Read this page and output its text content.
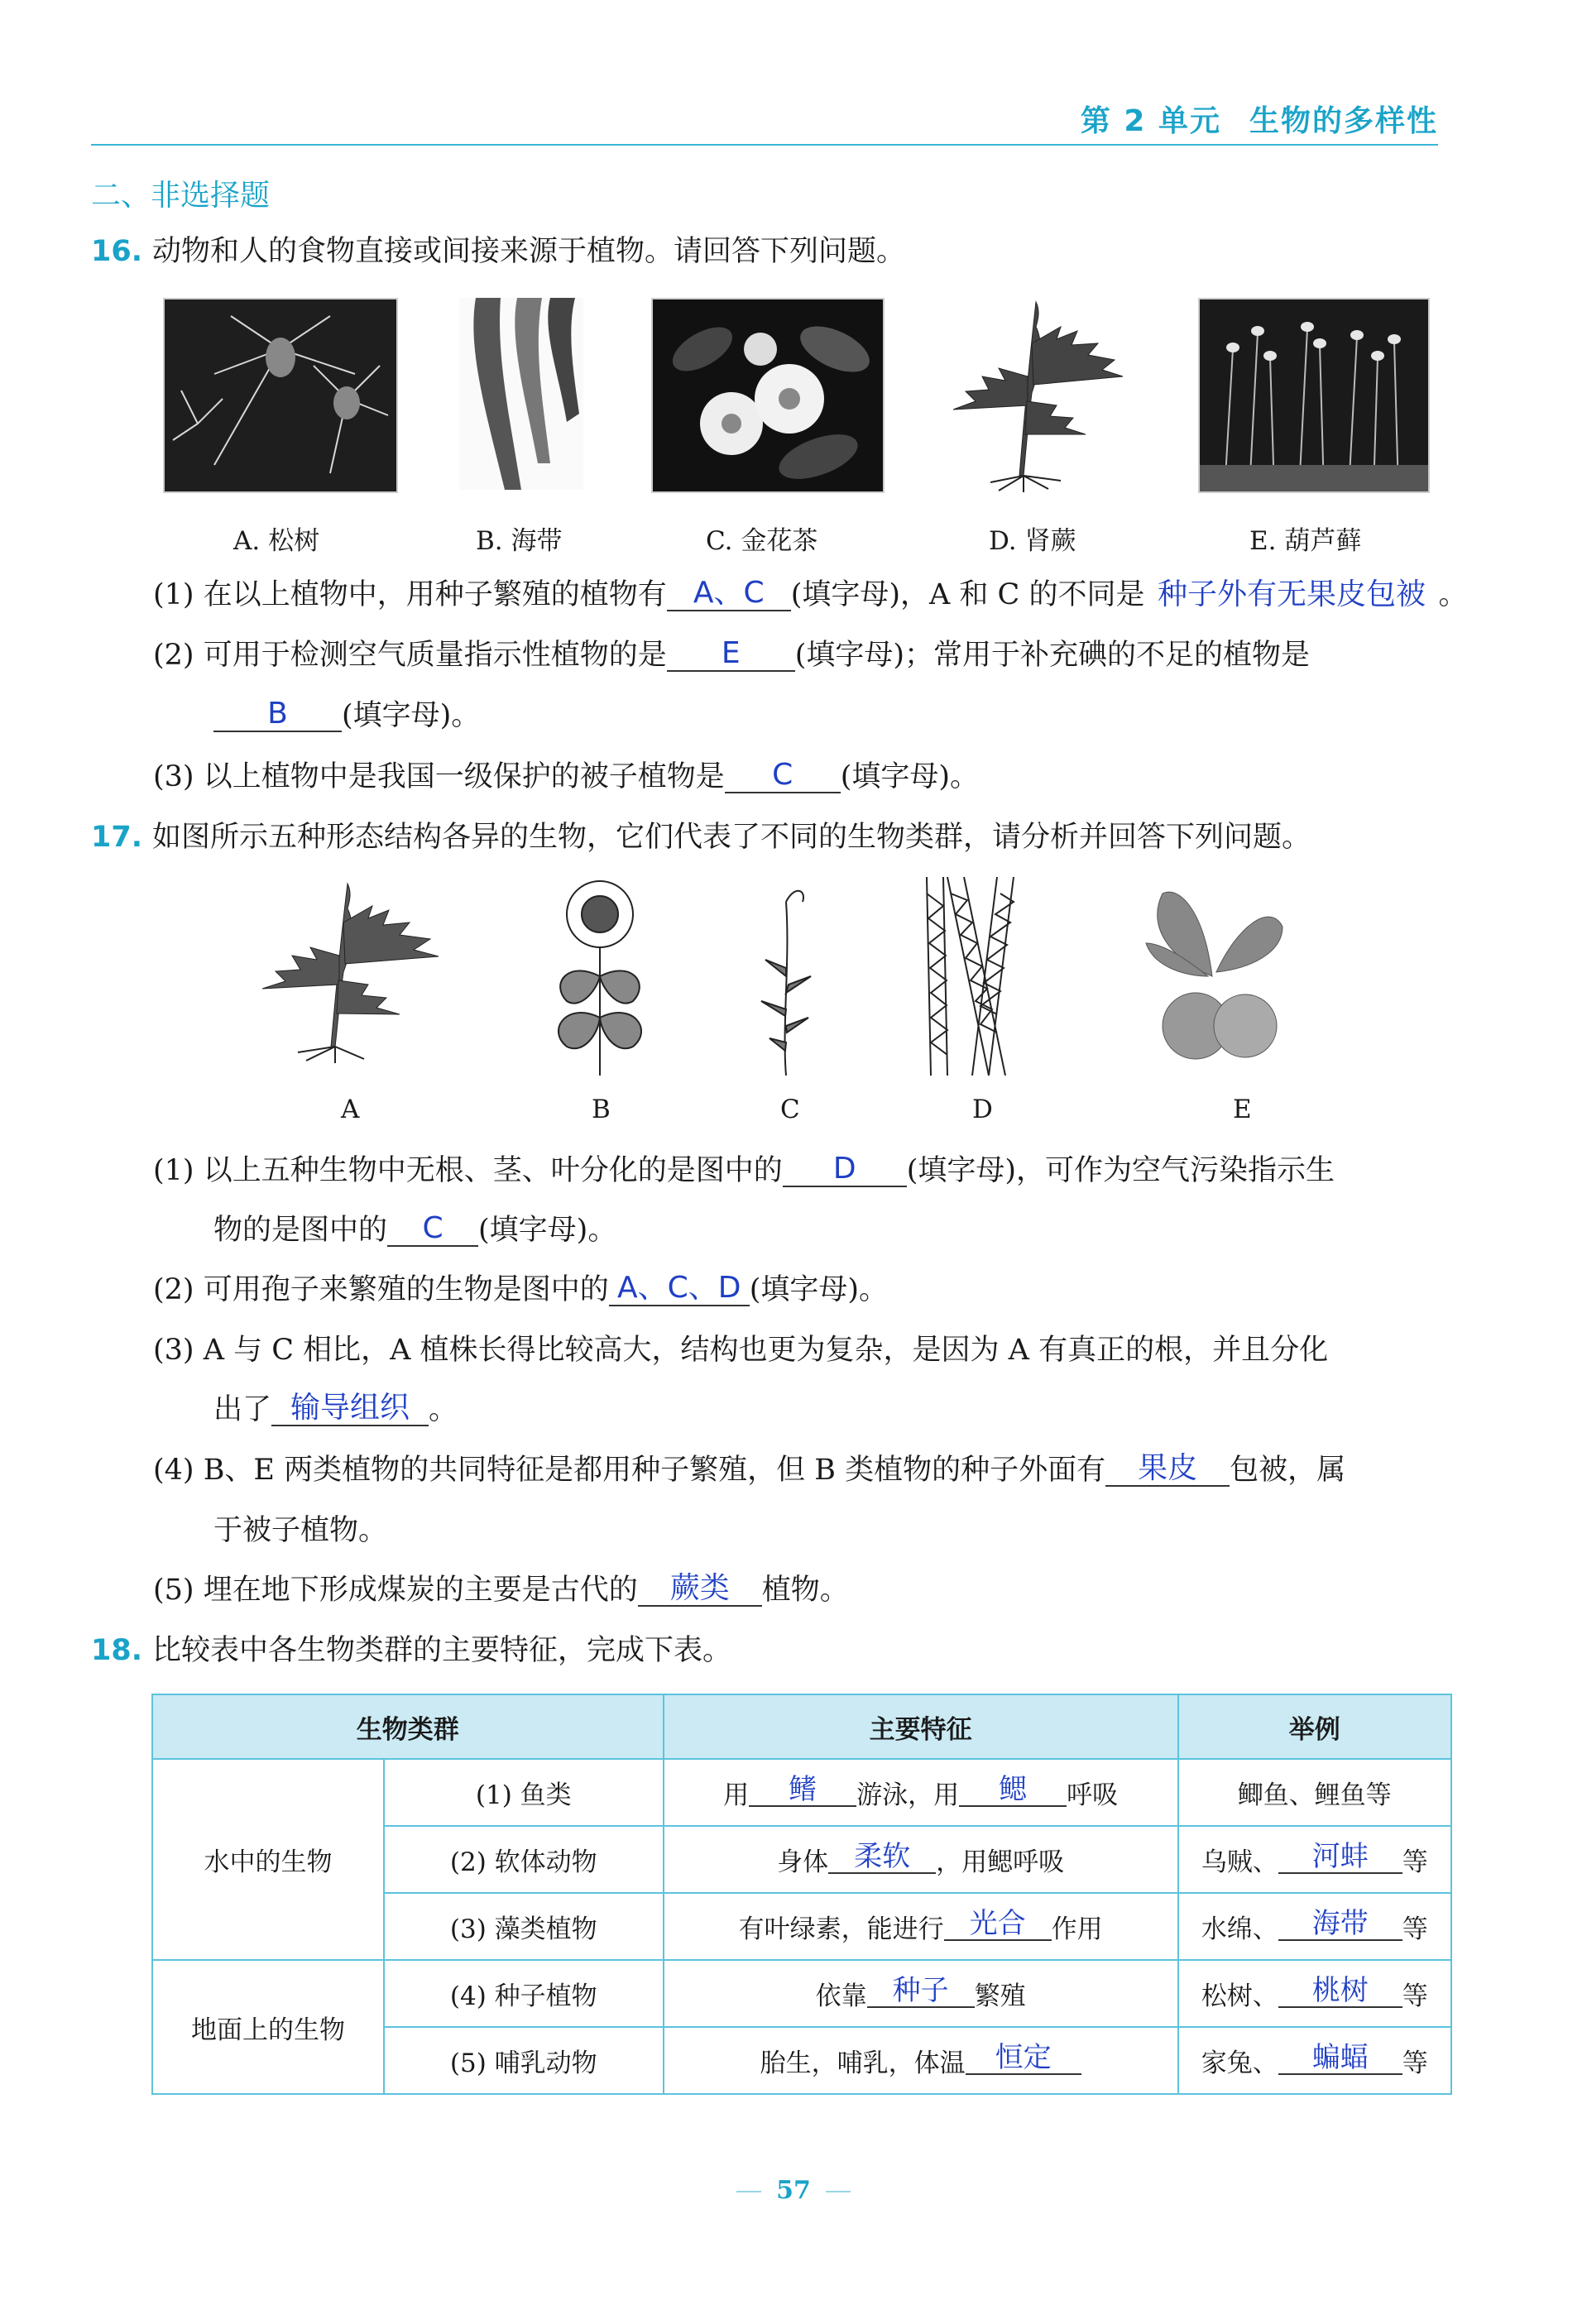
第 2 单元 生物的多样性
二、非选择题
16. 动物和人的食物直接或间接来源于植物。请回答下列问题。
A. 松树	B. 海带	C. 金花茶	D. 肾蕨	E. 葫芦藓
(1) 在以上植物中，用种子繁殖的植物有 A、C (填字母)，A 和 C 的不同是 种子外有无果皮包被 。
(2) 可用于检测空气质量指示性植物的是 E (填字母)；常用于补充碘的不足的植物是
B (填字母)。
(3) 以上植物中是我国一级保护的被子植物是 C (填字母)。
17. 如图所示五种形态结构各异的生物，它们代表了不同的生物类群，请分析并回答下列问题。
A	B	C	D	E
(1) 以上五种生物中无根、茎、叶分化的是图中的 D (填字母)，可作为空气污染指示生
物的是图中的 C (填字母)。
(2) 可用孢子来繁殖的生物是图中的 A、C、D (填字母)。
(3) A 与 C 相比，A 植株长得比较高大，结构也更为复杂，是因为 A 有真正的根，并且分化
出了 输导组织 。
(4) B、E 两类植物的共同特征是都用种子繁殖，但 B 类植物的种子外面有 果皮 包被，属
于被子植物。
(5) 埋在地下形成煤炭的主要是古代的 蕨类 植物。
18. 比较表中各生物类群的主要特征，完成下表。
生物类群		主要特征	举例
水中的生物	(1) 鱼类	用 鳍 游泳，用 鳃 呼吸	鲫鱼、鲤鱼等
	(2) 软体动物	身体 柔软 ，用鳃呼吸	乌贼、 河蚌 等
	(3) 藻类植物	有叶绿素，能进行 光合 作用	水绵、 海带 等
地面上的生物	(4) 种子植物	依靠 种子 繁殖	松树、 桃树 等
	(5) 哺乳动物	胎生，哺乳，体温 恒定	家兔、 蝙蝠 等
57
